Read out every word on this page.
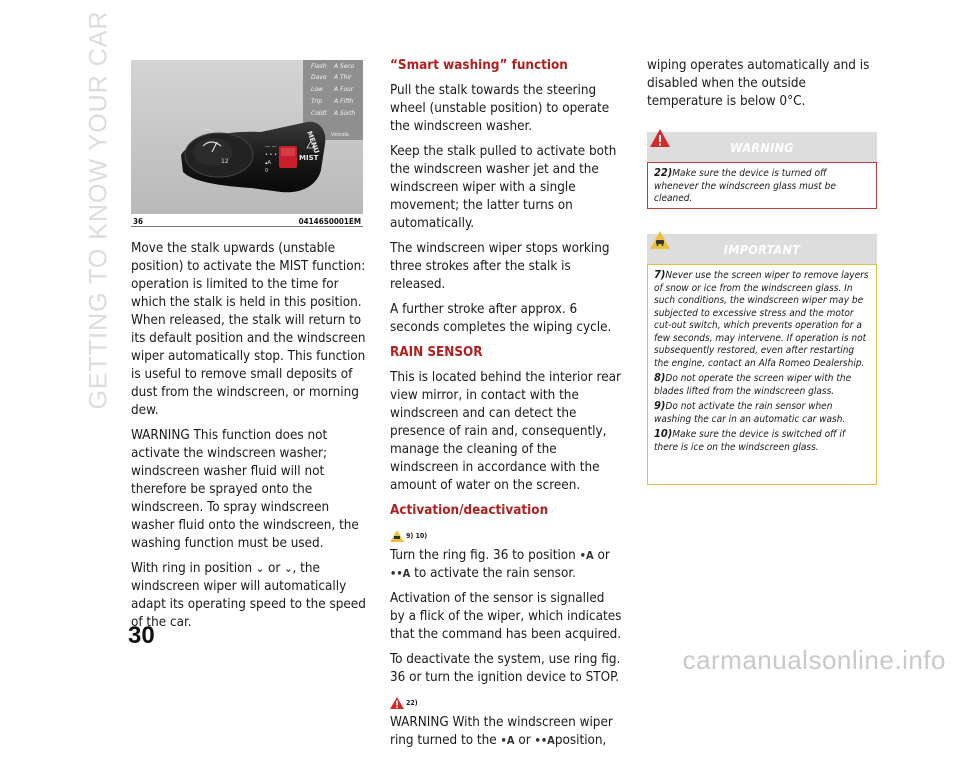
GETTING TO KNOW YOUR CAR	Flash A Seco
Davo A Thir
Low A Four
Trip A Fifth
Coldt A Sixth
Veicolo
12
— —
• • •
▴A
0
MIST
MENU
36	04146S0001EM

Move the stalk upwards (unstable position) to activate the MIST function: operation is limited to the time for which the stalk is held in this position. When released, the stalk will return to its default position and the windscreen wiper automatically stop. This function is useful to remove small deposits of dust from the windscreen, or morning dew.

WARNING This function does not activate the windscreen washer; windscreen washer fluid will not therefore be sprayed onto the windscreen. To spray windscreen washer fluid onto the windscreen, the washing function must be used.

With ring in position ⌄ or ⌄, the windscreen wiper will automatically adapt its operating speed to the speed of the car.

“Smart washing” function

Pull the stalk towards the steering wheel (unstable position) to operate the windscreen washer.

Keep the stalk pulled to activate both the windscreen washer jet and the windscreen wiper with a single movement; the latter turns on automatically.

The windscreen wiper stops working three strokes after the stalk is released.

A further stroke after approx. 6 seconds completes the wiping cycle.

RAIN SENSOR

This is located behind the interior rear view mirror, in contact with the windscreen and can detect the presence of rain and, consequently, manage the cleaning of the windscreen in accordance with the amount of water on the screen.

Activation/deactivation

9) 10)

Turn the ring fig. 36 to position •A or ••A to activate the rain sensor.

Activation of the sensor is signalled by a flick of the wiper, which indicates that the command has been acquired.

To deactivate the system, use ring fig. 36 or turn the ignition device to STOP.

22)

WARNING With the windscreen wiper ring turned to the •A or ••Aposition,

wiping operates automatically and is disabled when the outside temperature is below 0°C.

WARNING

22)Make sure the device is turned off whenever the windscreen glass must be cleaned.

IMPORTANT

7)Never use the screen wiper to remove layers of snow or ice from the windscreen glass. In such conditions, the windscreen wiper may be subjected to excessive stress and the motor cut-out switch, which prevents operation for a few seconds, may intervene. If operation is not subsequently restored, even after restarting the engine, contact an Alfa Romeo Dealership.

8)Do not operate the screen wiper with the blades lifted from the windscreen glass.

9)Do not activate the rain sensor when washing the car in an automatic car wash.

10)Make sure the device is switched off if there is ice on the windscreen glass.

30
carmanualsonline.info
